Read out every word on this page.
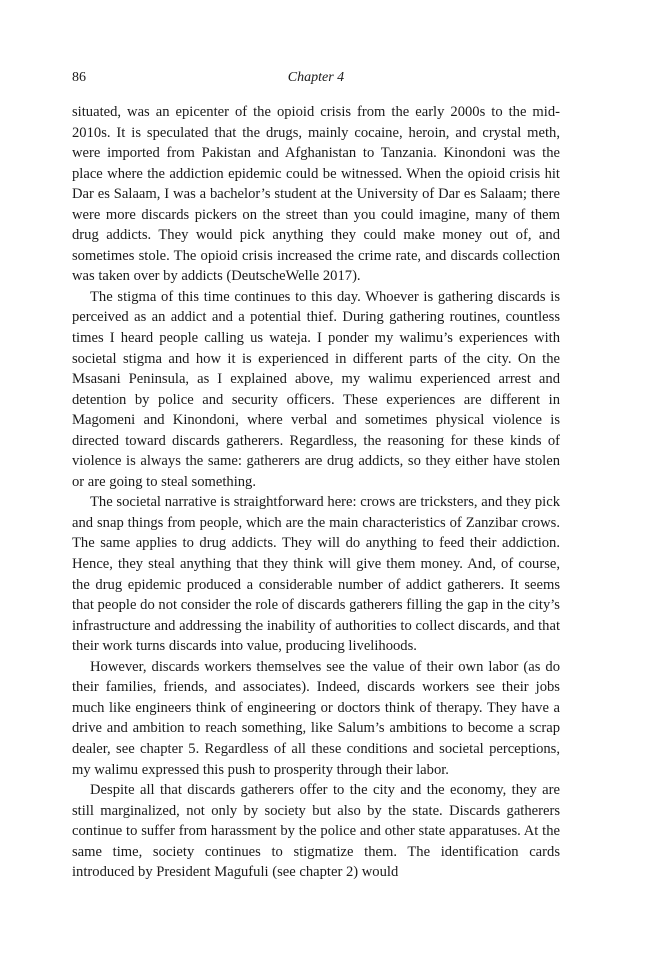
86	Chapter 4

situated, was an epicenter of the opioid crisis from the early 2000s to the mid-2010s. It is speculated that the drugs, mainly cocaine, heroin, and crystal meth, were imported from Pakistan and Afghanistan to Tanzania. Kinondoni was the place where the addiction epidemic could be witnessed. When the opioid crisis hit Dar es Salaam, I was a bachelor’s student at the University of Dar es Salaam; there were more discards pickers on the street than you could imagine, many of them drug addicts. They would pick anything they could make money out of, and sometimes stole. The opioid crisis increased the crime rate, and discards collection was taken over by addicts (DeutscheWelle 2017).

The stigma of this time continues to this day. Whoever is gathering discards is perceived as an addict and a potential thief. During gathering routines, countless times I heard people calling us wateja. I ponder my walimu’s experiences with societal stigma and how it is experienced in different parts of the city. On the Msasani Peninsula, as I explained above, my walimu experienced arrest and detention by police and security officers. These experiences are different in Magomeni and Kinondoni, where verbal and sometimes physical violence is directed toward discards gatherers. Regardless, the reasoning for these kinds of violence is always the same: gatherers are drug addicts, so they either have stolen or are going to steal something.

The societal narrative is straightforward here: crows are tricksters, and they pick and snap things from people, which are the main characteristics of Zanzibar crows. The same applies to drug addicts. They will do anything to feed their addiction. Hence, they steal anything that they think will give them money. And, of course, the drug epidemic produced a considerable number of addict gatherers. It seems that people do not consider the role of discards gatherers filling the gap in the city’s infrastructure and addressing the inability of authorities to collect discards, and that their work turns discards into value, producing livelihoods.

However, discards workers themselves see the value of their own labor (as do their families, friends, and associates). Indeed, discards workers see their jobs much like engineers think of engineering or doctors think of therapy. They have a drive and ambition to reach something, like Salum’s ambitions to become a scrap dealer, see chapter 5. Regardless of all these conditions and societal perceptions, my walimu expressed this push to prosperity through their labor.

Despite all that discards gatherers offer to the city and the economy, they are still marginalized, not only by society but also by the state. Discards gatherers continue to suffer from harassment by the police and other state apparatuses. At the same time, society continues to stigmatize them. The identification cards introduced by President Magufuli (see chapter 2) would
